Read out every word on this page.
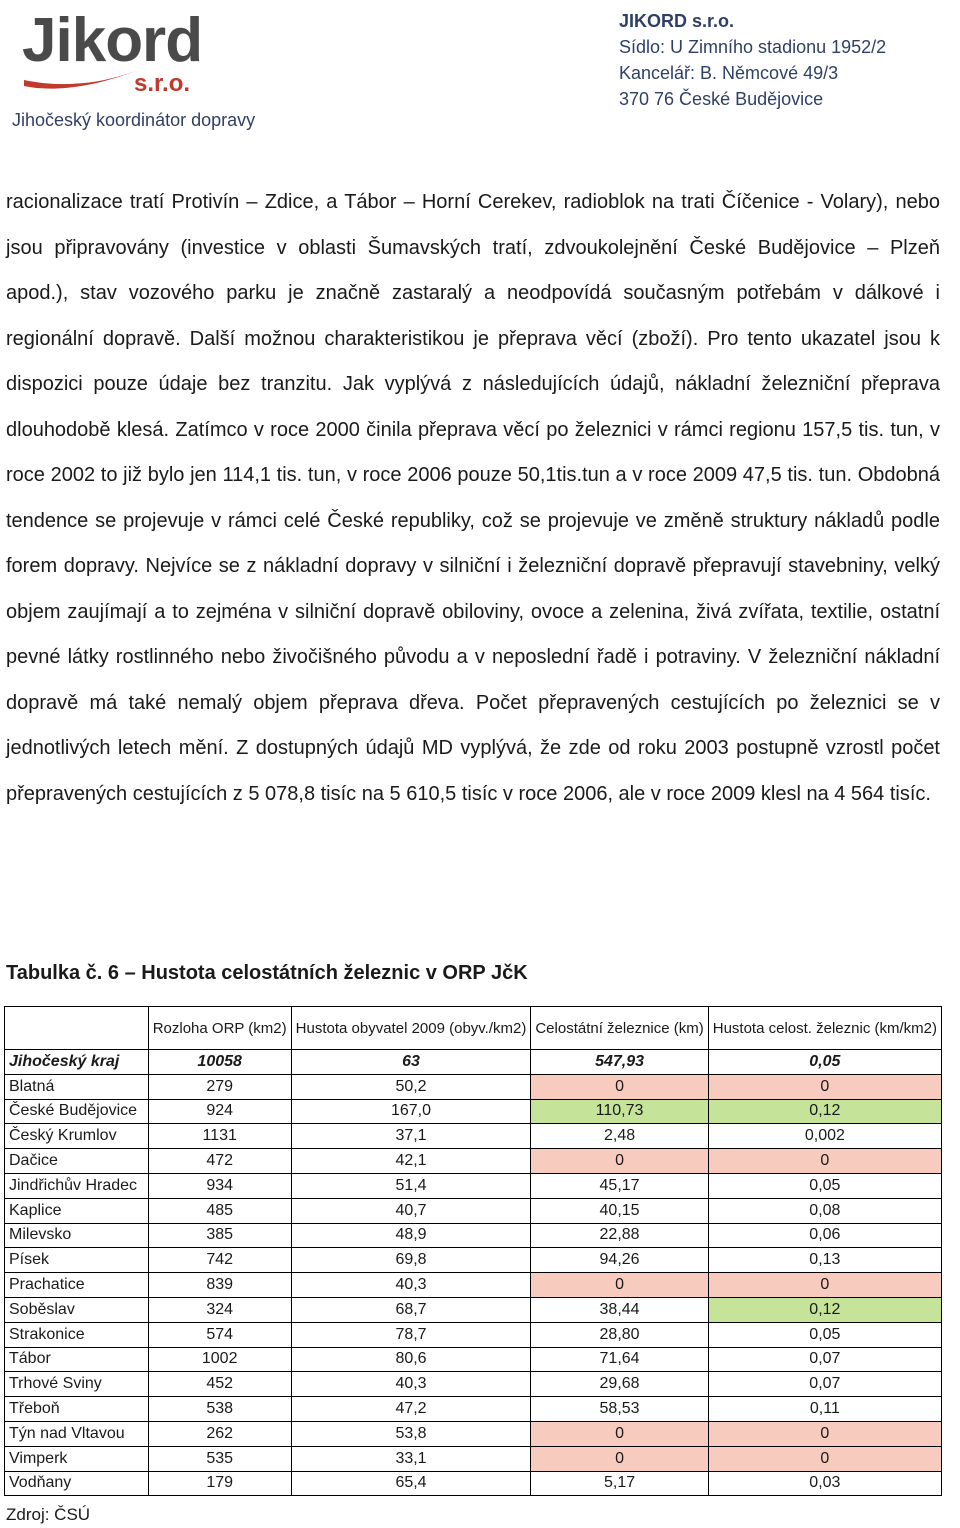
Jikord
s.r.o.
Jihočeský koordinátor dopravy
JIKORD s.r.o.
Sídlo: U Zimního stadionu 1952/2
Kancelář: B. Němcové 49/3
370 76 České Budějovice

racionalizace tratí Protivín – Zdice, a Tábor – Horní Cerekev, radioblok na trati Číčenice - Volary), nebo jsou připravovány (investice v oblasti Šumavských tratí, zdvoukolejnění České Budějovice – Plzeň apod.), stav vozového parku je značně zastaralý a neodpovídá současným potřebám v dálkové i regionální dopravě. Další možnou charakteristikou je přeprava věcí (zboží). Pro tento ukazatel jsou k dispozici pouze údaje bez tranzitu. Jak vyplývá z následujících údajů, nákladní železniční přeprava dlouhodobě klesá. Zatímco v roce 2000 činila přeprava věcí po železnici v rámci regionu 157,5 tis. tun, v roce 2002 to již bylo jen 114,1 tis. tun, v roce 2006 pouze 50,1tis.tun a v roce 2009 47,5 tis. tun. Obdobná tendence se projevuje v rámci celé České republiky, což se projevuje ve změně struktury nákladů podle forem dopravy. Nejvíce se z nákladní dopravy v silniční i železniční dopravě přepravují stavebniny, velký objem zaujímají a to zejména v silniční dopravě obiloviny, ovoce a zelenina, živá zvířata, textilie, ostatní pevné látky rostlinného nebo živočišného původu a v neposlední řadě i potraviny. V železniční nákladní dopravě má také nemalý objem přeprava dřeva. Počet přepravených cestujících po železnici se v jednotlivých letech mění. Z dostupných údajů MD vyplývá, že zde od roku 2003 postupně vzrostl počet přepravených cestujících z 5 078,8 tisíc na 5 610,5 tisíc v roce 2006, ale v roce 2009 klesl na 4 564 tisíc.

Tabulka č. 6 – Hustota celostátních železnic v ORP JčK
	Rozloha ORP (km2)	Hustota obyvatel 2009 (obyv./km2)	Celostátní železnice (km)	Hustota celost. železnic (km/km2)
Jihočeský kraj	10058	63	547,93	0,05
Blatná	279	50,2	0	0
České Budějovice	924	167,0	110,73	0,12
Český Krumlov	1131	37,1	2,48	0,002
Dačice	472	42,1	0	0
Jindřichův Hradec	934	51,4	45,17	0,05
Kaplice	485	40,7	40,15	0,08
Milevsko	385	48,9	22,88	0,06
Písek	742	69,8	94,26	0,13
Prachatice	839	40,3	0	0
Soběslav	324	68,7	38,44	0,12
Strakonice	574	78,7	28,80	0,05
Tábor	1002	80,6	71,64	0,07
Trhové Sviny	452	40,3	29,68	0,07
Třeboň	538	47,2	58,53	0,11
Týn nad Vltavou	262	53,8	0	0
Vimperk	535	33,1	0	0
Vodňany	179	65,4	5,17	0,03
Zdroj: ČSÚ
